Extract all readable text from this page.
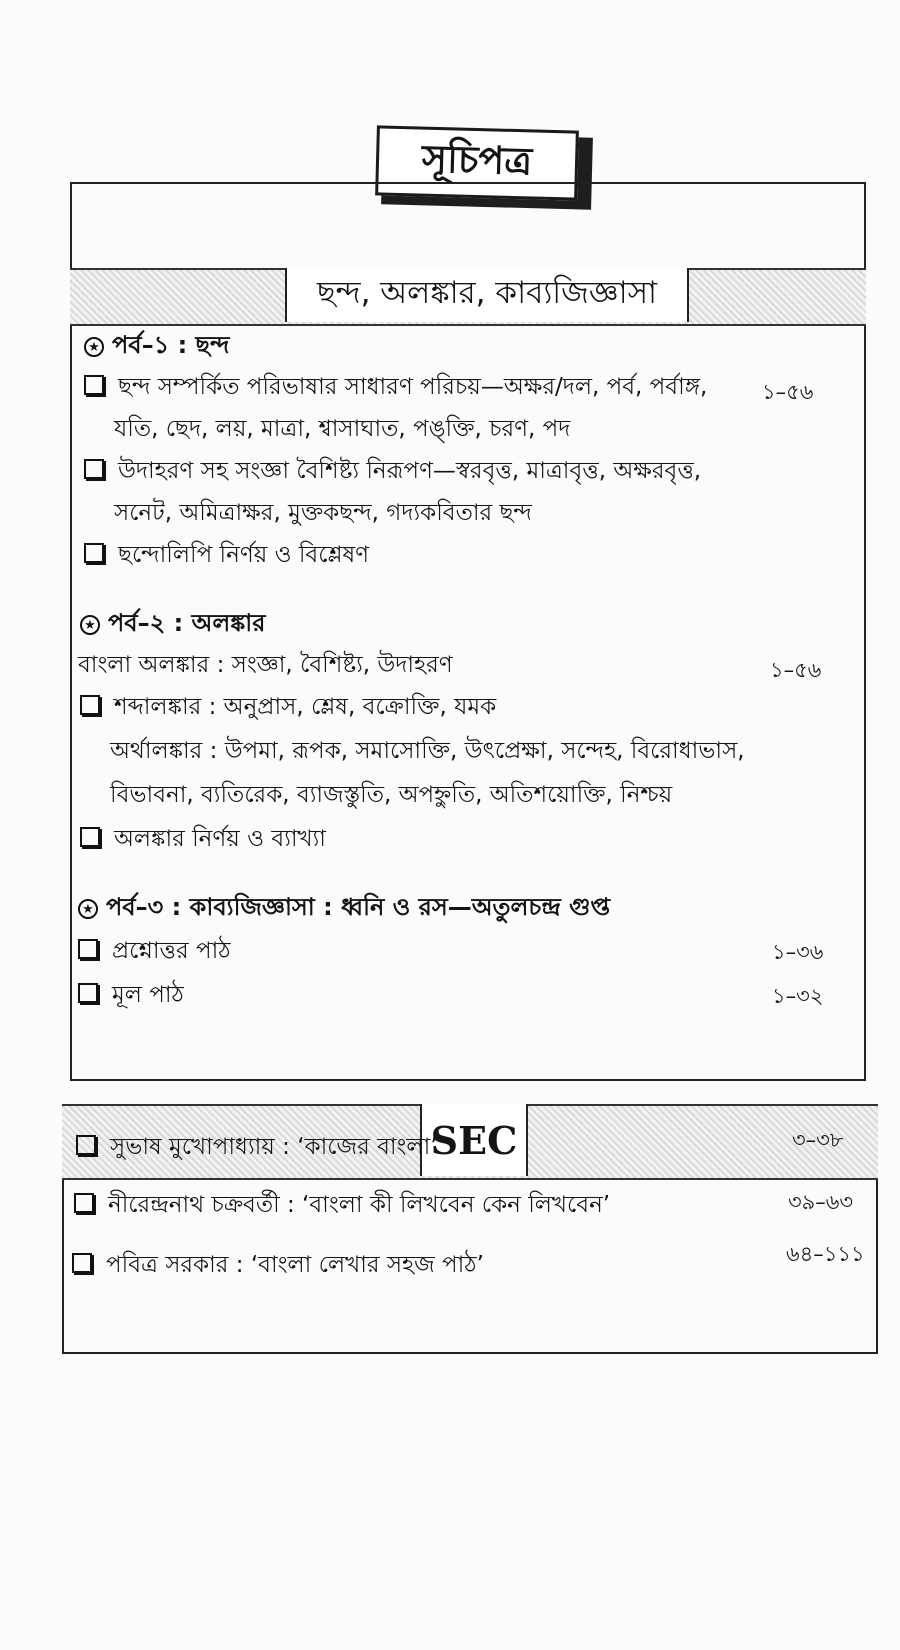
সূচিপত্র
ছন্দ, অলঙ্কার, কাব্যজিজ্ঞাসা
★ পর্ব–১ : ছন্দ
ছন্দ সম্পর্কিত পরিভাষার সাধারণ পরিচয়—অক্ষর/দল, পর্ব, পর্বাঙ্গ,	১–৫৬
যতি, ছেদ, লয়, মাত্রা, শ্বাসাঘাত, পঙ্‌ক্তি, চরণ, পদ
উদাহরণ সহ সংজ্ঞা বৈশিষ্ট্য নিরূপণ—স্বরবৃত্ত, মাত্রাবৃত্ত, অক্ষরবৃত্ত,
সনেট, অমিত্রাক্ষর, মুক্তকছন্দ, গদ্যকবিতার ছন্দ
ছন্দোলিপি নির্ণয় ও বিশ্লেষণ
★ পর্ব–২ : অলঙ্কার
বাংলা অলঙ্কার : সংজ্ঞা, বৈশিষ্ট্য, উদাহরণ	১–৫৬
শব্দালঙ্কার : অনুপ্রাস, শ্লেষ, বক্রোক্তি, যমক
অর্থালঙ্কার : উপমা, রূপক, সমাসোক্তি, উৎপ্রেক্ষা, সন্দেহ, বিরোধাভাস,
বিভাবনা, ব্যতিরেক, ব্যাজস্তুতি, অপহ্নুতি, অতিশয়োক্তি, নিশ্চয়
অলঙ্কার নির্ণয় ও ব্যাখ্যা
★ পর্ব–৩ : কাব্যজিজ্ঞাসা : ধ্বনি ও রস—অতুলচন্দ্র গুপ্ত
প্রশ্নোত্তর পাঠ	১–৩৬
মূল পাঠ	১–৩২
SEC
সুভাষ মুখোপাধ্যায় : ‘কাজের বাংলা’	৩–৩৮
নীরেন্দ্রনাথ চক্রবর্তী : ‘বাংলা কী লিখবেন কেন লিখবেন’	৩৯–৬৩
পবিত্র সরকার : ‘বাংলা লেখার সহজ পাঠ’	৬৪–১১১
